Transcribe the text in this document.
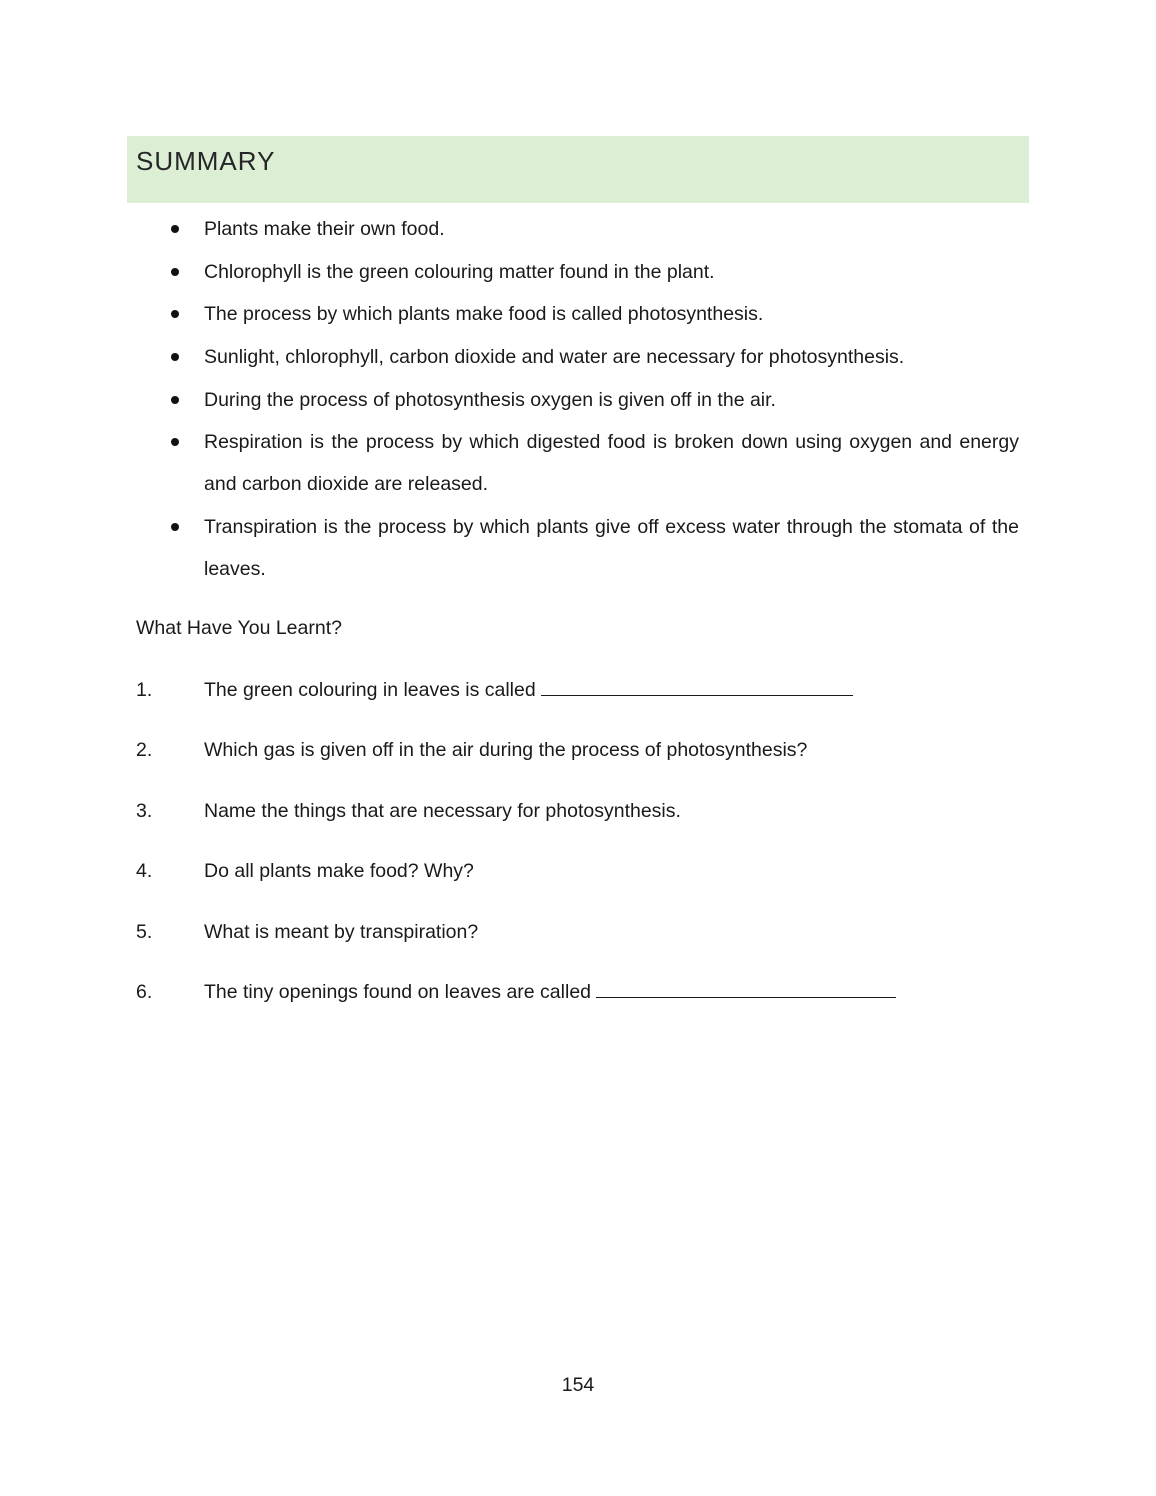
SUMMARY
Plants make their own food.
Chlorophyll is the green colouring matter found in the plant.
The process by which plants make food is called photosynthesis.
Sunlight, chlorophyll, carbon dioxide and water are necessary for photosynthesis.
During the process of photosynthesis oxygen is given off in the air.
Respiration is the process by which digested food is broken down using oxygen and energy and carbon dioxide are released.
Transpiration is the process by which plants give off excess water through the stomata of the leaves.
What Have You Learnt?
1.	The green colouring in leaves is called
2.	Which gas is given off in the air during the process of photosynthesis?
3.	Name the things that are necessary for photosynthesis.
4.	Do all plants make food? Why?
5.	What is meant by transpiration?
6.	The tiny openings found on leaves are called
154
